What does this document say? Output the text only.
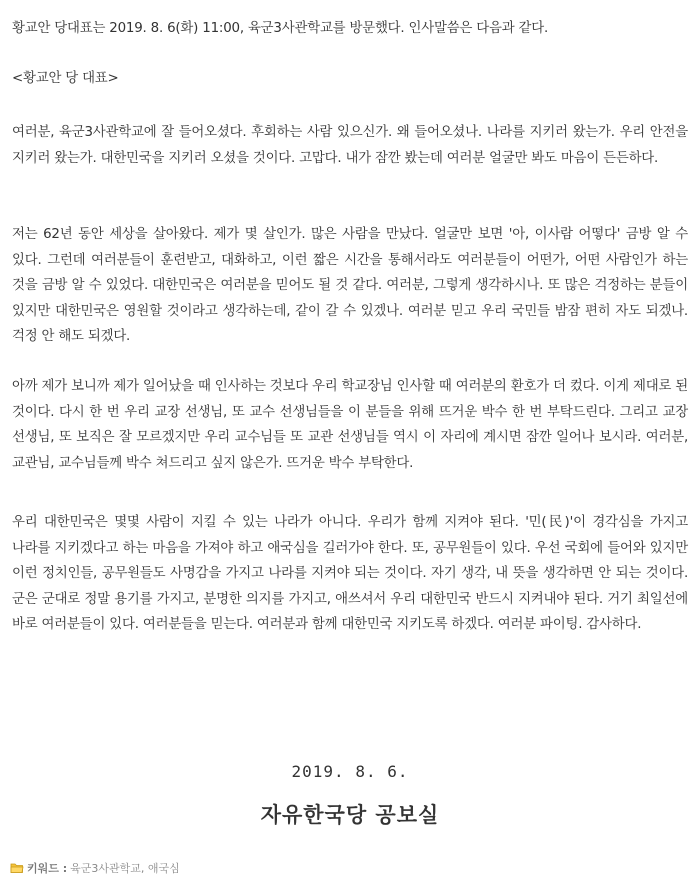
황교안 당대표는 2019. 8. 6(화) 11:00, 육군3사관학교를 방문했다. 인사말씀은 다음과 같다.

<황교안 당 대표>

여러분, 육군3사관학교에 잘 들어오셨다. 후회하는 사람 있으신가. 왜 들어오셨나. 나라를 지키러 왔는가. 우리 안전을 지키러 왔는가. 대한민국을 지키러 오셨을 것이다. 고맙다. 내가 잠깐 봤는데 여러분 얼굴만 봐도 마음이 든든하다.

저는 62년 동안 세상을 살아왔다. 제가 몇 살인가. 많은 사람을 만났다. 얼굴만 보면 '아, 이사람 어떻다' 금방 알 수 있다. 그런데 여러분들이 훈련받고, 대화하고, 이런 짧은 시간을 통해서라도 여러분들이 어떤가, 어떤 사람인가 하는 것을 금방 알 수 있었다. 대한민국은 여러분을 믿어도 될 것 같다. 여러분, 그렇게 생각하시나. 또 많은 걱정하는 분들이 있지만 대한민국은 영원할 것이라고 생각하는데, 같이 갈 수 있겠나. 여러분 믿고 우리 국민들 밤잠 편히 자도 되겠나. 걱정 안 해도 되겠다.

아까 제가 보니까 제가 일어났을 때 인사하는 것보다 우리 학교장님 인사할 때 여러분의 환호가 더 컸다. 이게 제대로 된 것이다. 다시 한 번 우리 교장 선생님, 또 교수 선생님들을 이 분들을 위해 뜨거운 박수 한 번 부탁드린다. 그리고 교장 선생님, 또 보직은 잘 모르겠지만 우리 교수님들 또 교관 선생님들 역시 이 자리에 계시면 잠깐 일어나 보시라. 여러분, 교관님, 교수님들께 박수 쳐드리고 싶지 않은가. 뜨거운 박수 부탁한다.

우리 대한민국은 몇몇 사람이 지킬 수 있는 나라가 아니다. 우리가 함께 지켜야 된다. '민(民)'이 경각심을 가지고 나라를 지키겠다고 하는 마음을 가져야 하고 애국심을 길러가야 한다. 또, 공무원들이 있다. 우선 국회에 들어와 있지만 이런 정치인들, 공무원들도 사명감을 가지고 나라를 지켜야 되는 것이다. 자기 생각, 내 뜻을 생각하면 안 되는 것이다. 군은 군대로 정말 용기를 가지고, 분명한 의지를 가지고, 애쓰셔서 우리 대한민국 반드시 지켜내야 된다. 거기 최일선에 바로 여러분들이 있다. 여러분들을 믿는다. 여러분과 함께 대한민국 지키도록 하겠다. 여러분 파이팅. 감사하다.

2019. 8. 6.
자유한국당 공보실
키워드 : 육군3사관학교, 애국심
